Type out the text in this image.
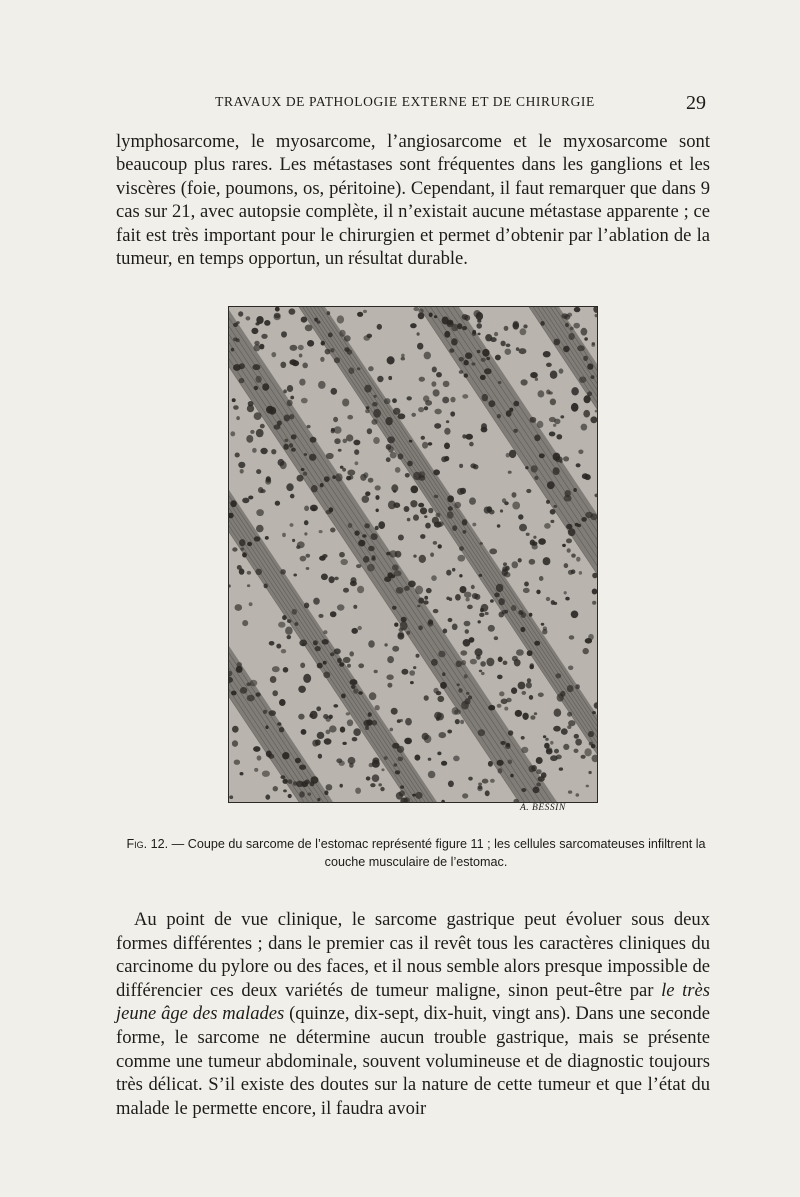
TRAVAUX DE PATHOLOGIE EXTERNE ET DE CHIRURGIE	29

lymphosarcome, le myosarcome, l’angiosarcome et le myxosarcome sont beaucoup plus rares. Les métastases sont fréquentes dans les ganglions et les viscères (foie, poumons, os, péritoine). Cependant, il faut remarquer que dans 9 cas sur 21, avec autopsie complète, il n’existait aucune métastase apparente ; ce fait est très important pour le chirurgien et permet d’obtenir par l’ablation de la tumeur, en temps opportun, un résultat durable.

A. BESSIN

Fig. 12. — Coupe du sarcome de l’estomac représenté figure 11 ; les cellules sarcomateuses infiltrent la couche musculaire de l’estomac.

Au point de vue clinique, le sarcome gastrique peut évoluer sous deux formes différentes ; dans le premier cas il revêt tous les caractères cliniques du carcinome du pylore ou des faces, et il nous semble alors presque impossible de différencier ces deux variétés de tumeur maligne, sinon peut-être par le très jeune âge des malades (quinze, dix-sept, dix-huit, vingt ans). Dans une seconde forme, le sarcome ne détermine aucun trouble gastrique, mais se présente comme une tumeur abdominale, souvent volumineuse et de diagnostic toujours très délicat. S’il existe des doutes sur la nature de cette tumeur et que l’état du malade le permette encore, il faudra avoir
